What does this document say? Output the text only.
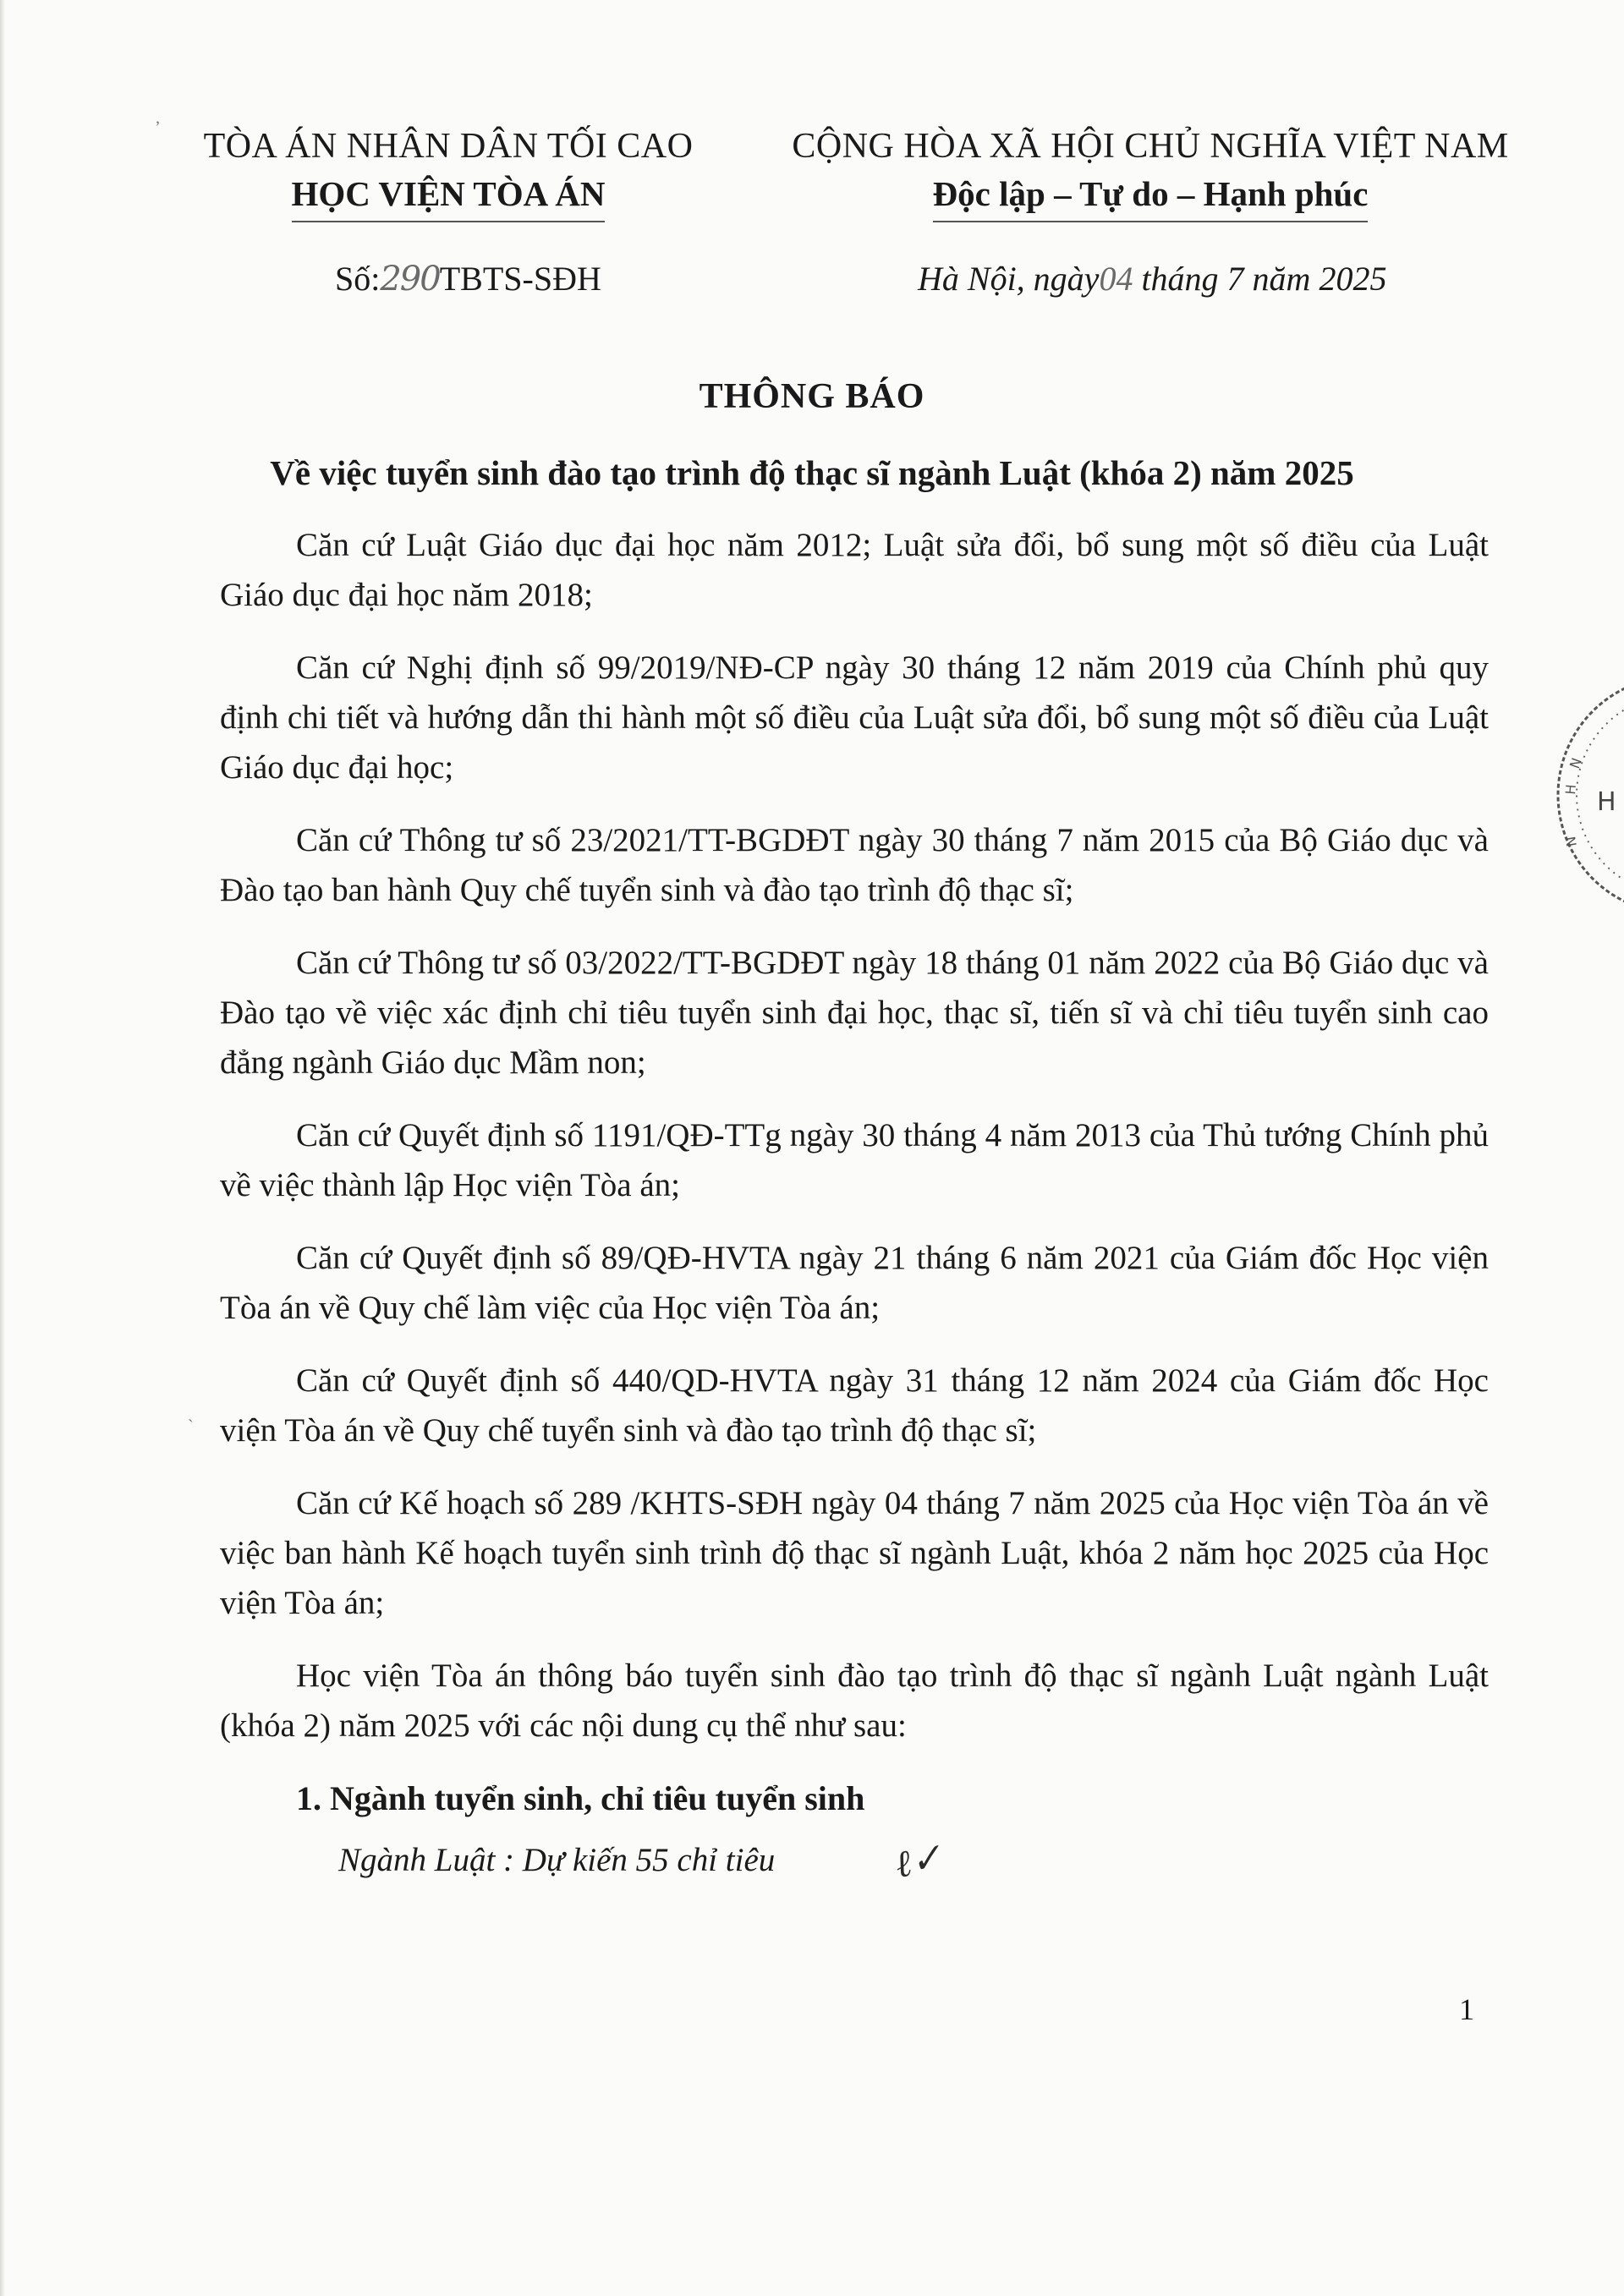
ʼ
ˏ
TÒA ÁN NHÂN DÂN TỐI CAO
HỌC VIỆN TÒA ÁN
CỘNG HÒA XÃ HỘI CHỦ NGHĨA VIỆT NAM
Độc lập – Tự do – Hạnh phúc
Số:290TBTS-SĐH	Hà Nội, ngày04 tháng 7 năm 2025
THÔNG BÁO
Về việc tuyển sinh đào tạo trình độ thạc sĩ ngành Luật (khóa 2) năm 2025

Căn cứ Luật Giáo dục đại học năm 2012; Luật sửa đổi, bổ sung một số điều của Luật Giáo dục đại học năm 2018;

Căn cứ Nghị định số 99/2019/NĐ-CP ngày 30 tháng 12 năm 2019 của Chính phủ quy định chi tiết và hướng dẫn thi hành một số điều của Luật sửa đổi, bổ sung một số điều của Luật Giáo dục đại học;

Căn cứ Thông tư số 23/2021/TT-BGDĐT ngày 30 tháng 7 năm 2015 của Bộ Giáo dục và Đào tạo ban hành Quy chế tuyển sinh và đào tạo trình độ thạc sĩ;

Căn cứ Thông tư số 03/2022/TT-BGDĐT ngày 18 tháng 01 năm 2022 của Bộ Giáo dục và Đào tạo về việc xác định chỉ tiêu tuyển sinh đại học, thạc sĩ, tiến sĩ và chỉ tiêu tuyển sinh cao đẳng ngành Giáo dục Mầm non;

Căn cứ Quyết định số 1191/QĐ-TTg ngày 30 tháng 4 năm 2013 của Thủ tướng Chính phủ về việc thành lập Học viện Tòa án;

Căn cứ Quyết định số 89/QĐ-HVTA ngày 21 tháng 6 năm 2021 của Giám đốc Học viện Tòa án về Quy chế làm việc của Học viện Tòa án;

Căn cứ Quyết định số 440/QD-HVTA ngày 31 tháng 12 năm 2024 của Giám đốc Học viện Tòa án về Quy chế tuyển sinh và đào tạo trình độ thạc sĩ;

Căn cứ Kế hoạch số 289 /KHTS-SĐH ngày 04 tháng 7 năm 2025 của Học viện Tòa án về việc ban hành Kế hoạch tuyển sinh trình độ thạc sĩ ngành Luật, khóa 2 năm học 2025 của Học viện Tòa án;

Học viện Tòa án thông báo tuyển sinh đào tạo trình độ thạc sĩ ngành Luật ngành Luật (khóa 2) năm 2025 với các nội dung cụ thể như sau:

1. Ngành tuyển sinh, chỉ tiêu tuyển sinh

Ngành Luật : Dự kiến 55 chỉ tiêu	ℓ✓

N
H
N
H
1
